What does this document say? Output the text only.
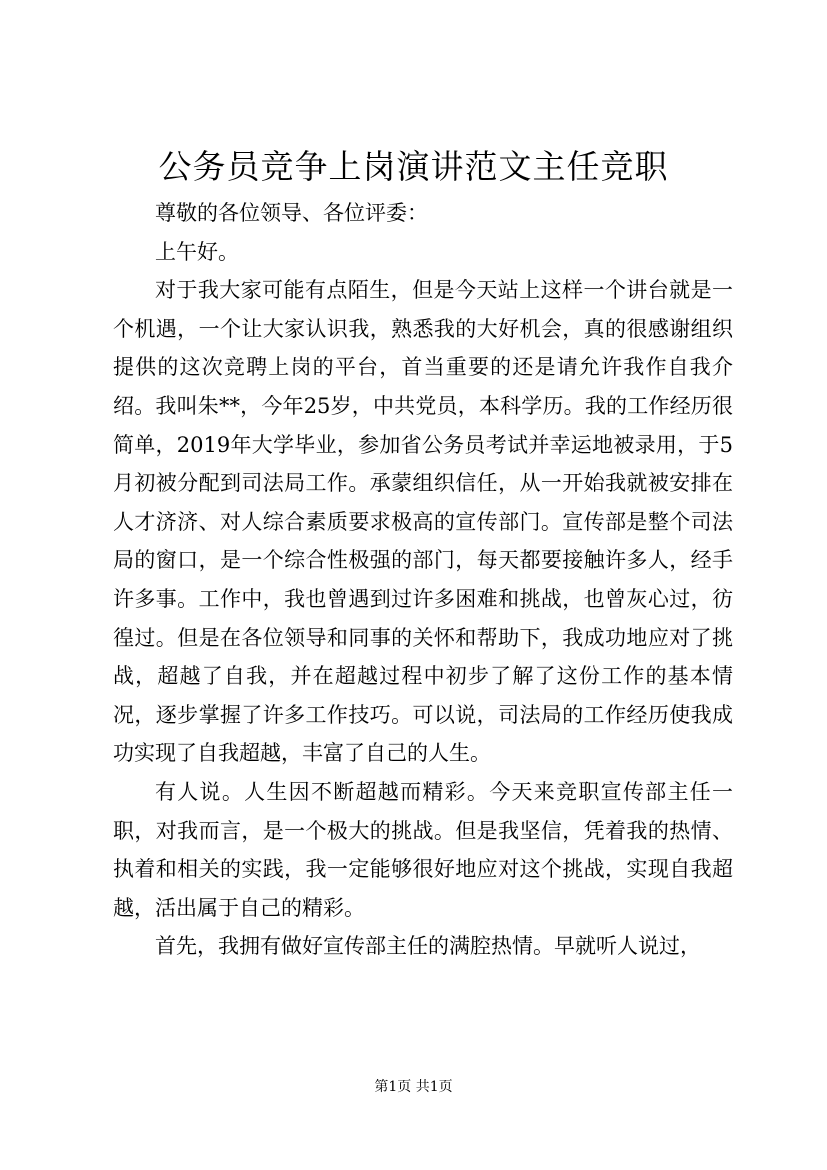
公务员竞争上岗演讲范文主任竞职

尊敬的各位领导、各位评委：

上午好。

对于我大家可能有点陌生，但是今天站上这样一个讲台就是一个机遇，一个让大家认识我，熟悉我的大好机会，真的很感谢组织提供的这次竞聘上岗的平台，首当重要的还是请允许我作自我介绍。我叫朱**，今年25岁，中共党员，本科学历。我的工作经历很简单，2019年大学毕业，参加省公务员考试并幸运地被录用，于5月初被分配到司法局工作。承蒙组织信任，从一开始我就被安排在人才济济、对人综合素质要求极高的宣传部门。宣传部是整个司法局的窗口，是一个综合性极强的部门，每天都要接触许多人，经手许多事。工作中，我也曾遇到过许多困难和挑战，也曾灰心过，彷徨过。但是在各位领导和同事的关怀和帮助下，我成功地应对了挑战，超越了自我，并在超越过程中初步了解了这份工作的基本情况，逐步掌握了许多工作技巧。可以说，司法局的工作经历使我成功实现了自我超越，丰富了自己的人生。

有人说。人生因不断超越而精彩。今天来竞职宣传部主任一职，对我而言，是一个极大的挑战。但是我坚信，凭着我的热情、执着和相关的实践，我一定能够很好地应对这个挑战，实现自我超越，活出属于自己的精彩。

首先，我拥有做好宣传部主任的满腔热情。早就听人说过，

第1页 共1页
